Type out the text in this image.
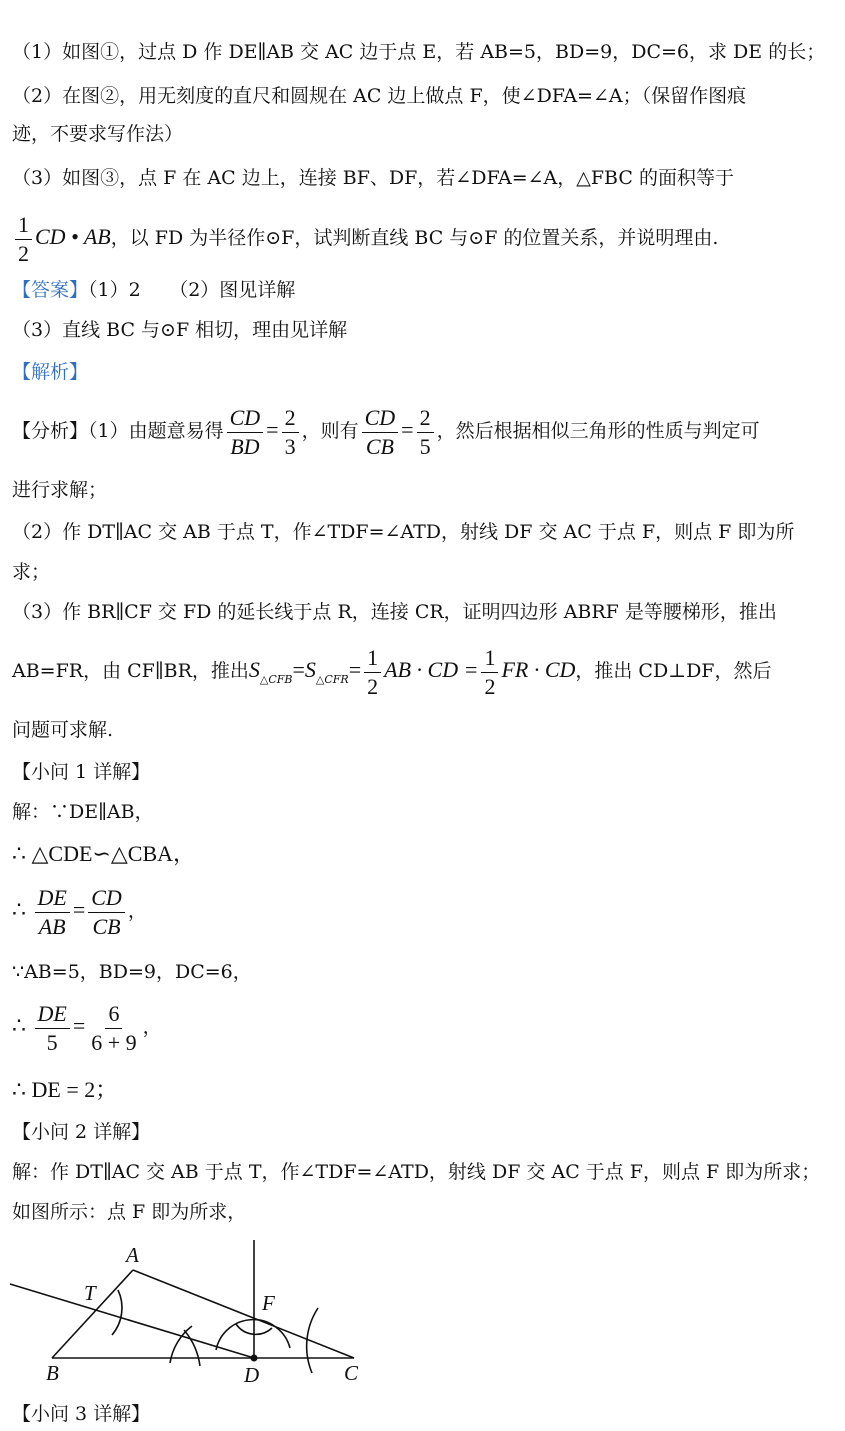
（1）如图①，过点 D 作 DE∥AB 交 AC 边于点 E，若 AB=5，BD=9，DC=6，求 DE 的长；
（2）在图②，用无刻度的直尺和圆规在 AC 边上做点 F，使∠DFA=∠A；（保留作图痕
迹，不要求写作法）
（3）如图③，点 F 在 AC 边上，连接 BF、DF，若∠DFA=∠A，△FBC 的面积等于
$\frac{1}{2}$ CD • AB，以 FD 为半径作⊙F，试判断直线 BC 与⊙F 的位置关系，并说明理由.
【答案】（1）2　　（2）图见详解
（3）直线 BC 与⊙F 相切，理由见详解
【解析】
【分析】（1）由题意易得 $\frac{CD}{BD} = \frac{2}{3}$ ，则有 $\frac{CD}{CB} = \frac{2}{5}$ ，然后根据相似三角形的性质与判定可
进行求解；
（2）作 DT∥AC 交 AB 于点 T，作∠TDF=∠ATD，射线 DF 交 AC 于点 F，则点 F 即为所
求；
（3）作 BR∥CF 交 FD 的延长线于点 R，连接 CR，证明四边形 ABRF 是等腰梯形，推出
AB=FR，由 CF∥BR，推出$S_{\triangle CFB}=S_{\triangle CFR}= \frac{1}{2}$ AB · CD = $\frac{1}{2}$ FR · CD，推出 CD⊥DF，然后
问题可求解.
【小问 1 详解】
解：∵DE∥AB，
∴ △CDE∽△CBA，
∴ $\frac{DE}{AB} = \frac{CD}{CB}$ ，
∵AB=5，BD=9，DC=6，
∴ $\frac{DE}{5} = \frac{6}{6 + 9}$ ，
∴ DE = 2；
【小问 2 详解】
解：作 DT∥AC 交 AB 于点 T，作∠TDF=∠ATD，射线 DF 交 AC 于点 F，则点 F 即为所求；
如图所示：点 F 即为所求，
A
T	F
B	D	C
【小问 3 详解】
